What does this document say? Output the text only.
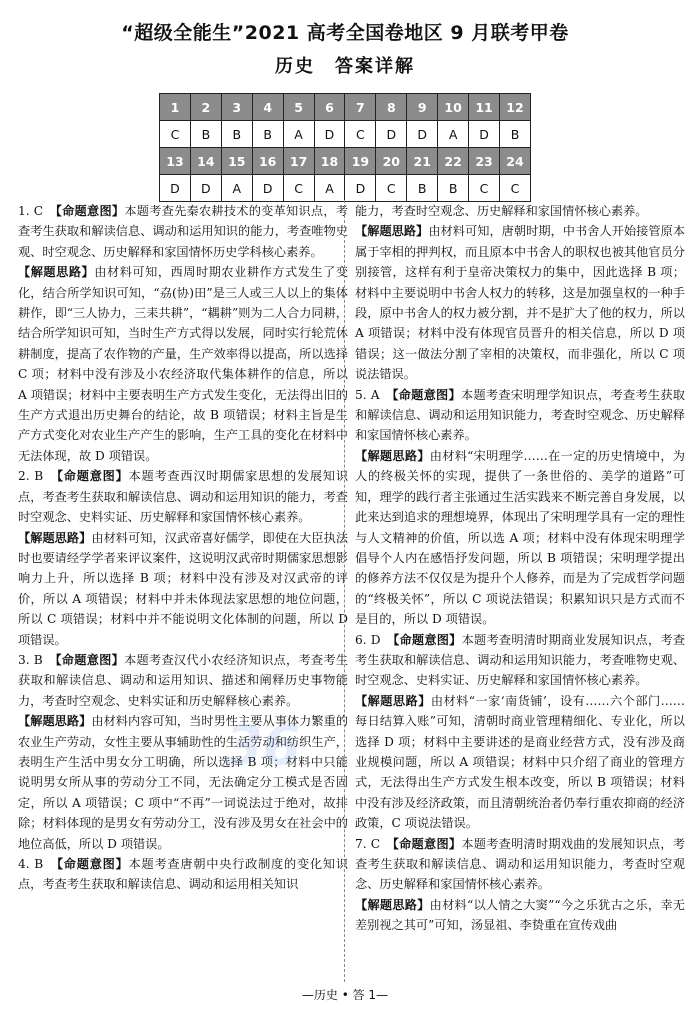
“超级全能生”2021 高考全国卷地区 9 月联考甲卷
历史　答案详解
1	2	3	4	5	6	7	8	9	10	11	12
C	B	B	B	A	D	C	D	D	A	D	B
13	14	15	16	17	18	19	20	21	22	23	24
D	D	A	D	C	A	D	C	B	B	C	C

1. C　【命题意图】本题考查先秦农耕技术的变革知识点，考查考生获取和解读信息、调动和运用知识的能力，考查唯物史观、时空观念、历史解释和家国情怀历史学科核心素养。

【解题思路】由材料可知，西周时期农业耕作方式发生了变化，结合所学知识可知，“劦(协)田”是三人或三人以上的集体耕作，即“三人协力，三耒共耕”，“耦耕”则为二人合力同耕，结合所学知识可知，当时生产方式得以发展，同时实行轮荒休耕制度，提高了农作物的产量，生产效率得以提高，所以选择 C 项；材料中没有涉及小农经济取代集体耕作的信息，所以 A 项错误；材料中主要表明生产方式发生变化，无法得出旧的生产方式退出历史舞台的结论，故 B 项错误；材料主旨是生产方式变化对农业生产产生的影响，生产工具的变化在材料中无法体现，故 D 项错误。

2. B　【命题意图】本题考查西汉时期儒家思想的发展知识点，考查考生获取和解读信息、调动和运用知识的能力，考查时空观念、史料实证、历史解释和家国情怀核心素养。

【解题思路】由材料可知，汉武帝喜好儒学，即使在大臣执法时也要请经学学者来评议案件，这说明汉武帝时期儒家思想影响力上升，所以选择 B 项；材料中没有涉及对汉武帝的评价，所以 A 项错误；材料中并未体现法家思想的地位问题，所以 C 项错误；材料中并不能说明文化体制的问题，所以 D 项错误。

3. B　【命题意图】本题考查汉代小农经济知识点，考查考生获取和解读信息、调动和运用知识、描述和阐释历史事物能力，考查时空观念、史料实证和历史解释核心素养。

【解题思路】由材料内容可知，当时男性主要从事体力繁重的农业生产劳动，女性主要从事辅助性的生活劳动和纺织生产，表明生产生活中男女分工明确，所以选择 B 项；材料中只能说明男女所从事的劳动分工不同，无法确定分工模式是否固定，所以 A 项错误；C 项中“不再”一词说法过于绝对，故排除；材料体现的是男女有劳动分工，没有涉及男女在社会中的地位高低，所以 D 项错误。

4. B　【命题意图】本题考查唐朝中央行政制度的变化知识点，考查考生获取和解读信息、调动和运用相关知识

能力，考查时空观念、历史解释和家国情怀核心素养。

【解题思路】由材料可知，唐朝时期，中书舍人开始接管原本属于宰相的押判权，而且原本中书舍人的职权也被其他官员分别接管，这样有利于皇帝决策权力的集中，因此选择 B 项；材料中主要说明中书舍人权力的转移，这是加强皇权的一种手段，原中书舍人的权力被分割，并不是扩大了他的权力，所以 A 项错误；材料中没有体现官员晋升的相关信息，所以 D 项错误；这一做法分割了宰相的决策权，而非强化，所以 C 项说法错误。

5. A　【命题意图】本题考查宋明理学知识点，考查考生获取和解读信息、调动和运用知识能力，考查时空观念、历史解释和家国情怀核心素养。

【解题思路】由材料“宋明理学……在一定的历史情境中，为人的终极关怀的实现，提供了一条世俗的、美学的道路”可知，理学的践行者主张通过生活实践来不断完善自身发展，以此来达到追求的理想境界，体现出了宋明理学具有一定的理性与人文精神的价值，所以选 A 项；材料中没有体现宋明理学倡导个人内在感悟抒发问题，所以 B 项错误；宋明理学提出的修养方法不仅仅是为提升个人修养，而是为了完成哲学问题的“终极关怀”，所以 C 项说法错误；积累知识只是方式而不是目的，所以 D 项错误。

6. D　【命题意图】本题考查明清时期商业发展知识点，考查考生获取和解读信息、调动和运用知识能力，考查唯物史观、时空观念、史料实证、历史解释和家国情怀核心素养。

【解题思路】由材料“一家‘南货铺’，设有……六个部门……每日结算入账”可知，清朝时商业管理精细化、专业化，所以选择 D 项；材料中主要讲述的是商业经营方式，没有涉及商业规模问题，所以 A 项错误；材料中只介绍了商业的管理方式，无法得出生产方式发生根本改变，所以 B 项错误；材料中没有涉及经济政策，而且清朝统治者仍奉行重农抑商的经济政策，C 项说法错误。

7. C　【命题意图】本题考查明清时期戏曲的发展知识点，考查考生获取和解读信息、调动和运用知识能力，考查时空观念、历史解释和家国情怀核心素养。

【解题思路】由材料“以人情之大窦”“今之乐犹古之乐，幸无差别视之其可”可知，汤显祖、李贽重在宣传戏曲

36
—历史 • 答 1—
